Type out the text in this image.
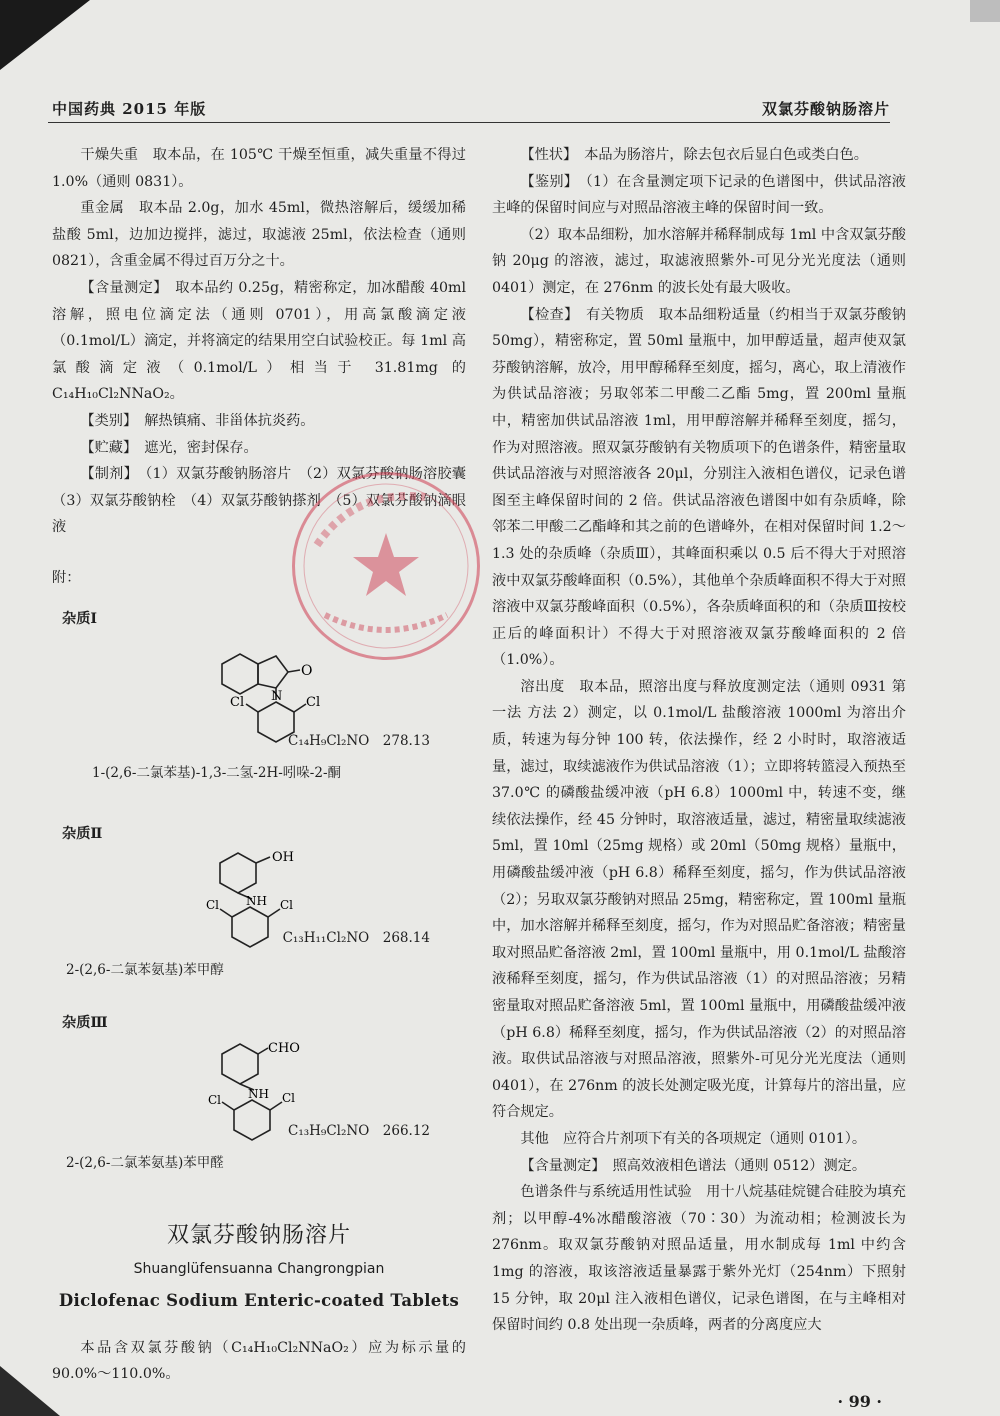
中国药典 2015 年版	双氯芬酸钠肠溶片

干燥失重　取本品，在 105℃ 干燥至恒重，减失重量不得过 1.0%（通则 0831）。

重金属　取本品 2.0g，加水 45ml，微热溶解后，缓缓加稀盐酸 5ml，边加边搅拌，滤过，取滤液 25ml，依法检查（通则 0821），含重金属不得过百万分之十。

【含量测定】　取本品约 0.25g，精密称定，加冰醋酸 40ml 溶解，照电位滴定法（通则 0701），用高氯酸滴定液（0.1mol/L）滴定，并将滴定的结果用空白试验校正。每 1ml 高氯酸滴定液（0.1mol/L）相当于 31.81mg 的 C₁₄H₁₀Cl₂NNaO₂。

【类别】　解热镇痛、非甾体抗炎药。

【贮藏】　遮光，密封保存。

【制剂】　（1）双氯芬酸钠肠溶片　（2）双氯芬酸钠肠溶胶囊　（3）双氯芬酸钠栓　（4）双氯芬酸钠搽剂　（5）双氯芬酸钠滴眼液

附：

杂质Ⅰ
O
N Cl
Cl
C₁₄H₉Cl₂NO　278.13
1-(2,6-二氯苯基)-1,3-二氢-2H-吲哚-2-酮
杂质Ⅱ
OH
NH Cl
Cl
C₁₃H₁₁Cl₂NO　268.14
2-(2,6-二氯苯氨基)苯甲醇
杂质Ⅲ
CHO
NH Cl
Cl
C₁₃H₉Cl₂NO　266.12
2-(2,6-二氯苯氨基)苯甲醛
双氯芬酸钠肠溶片
Shuanglüfensuanna Changrongpian
Diclofenac Sodium Enteric-coated Tablets

本品含双氯芬酸钠（C₁₄H₁₀Cl₂NNaO₂）应为标示量的 90.0%～110.0%。

【性状】　本品为肠溶片，除去包衣后显白色或类白色。

【鉴别】　（1）在含量测定项下记录的色谱图中，供试品溶液主峰的保留时间应与对照品溶液主峰的保留时间一致。

（2）取本品细粉，加水溶解并稀释制成每 1ml 中含双氯芬酸钠 20μg 的溶液，滤过，取滤液照紫外-可见分光光度法（通则 0401）测定，在 276nm 的波长处有最大吸收。

【检查】　有关物质　取本品细粉适量（约相当于双氯芬酸钠 50mg），精密称定，置 50ml 量瓶中，加甲醇适量，超声使双氯芬酸钠溶解，放冷，用甲醇稀释至刻度，摇匀，离心，取上清液作为供试品溶液；另取邻苯二甲酸二乙酯 5mg，置 200ml 量瓶中，精密加供试品溶液 1ml，用甲醇溶解并稀释至刻度，摇匀，作为对照溶液。照双氯芬酸钠有关物质项下的色谱条件，精密量取供试品溶液与对照溶液各 20μl，分别注入液相色谱仪，记录色谱图至主峰保留时间的 2 倍。供试品溶液色谱图中如有杂质峰，除邻苯二甲酸二乙酯峰和其之前的色谱峰外，在相对保留时间 1.2～1.3 处的杂质峰（杂质Ⅲ），其峰面积乘以 0.5 后不得大于对照溶液中双氯芬酸峰面积（0.5%），其他单个杂质峰面积不得大于对照溶液中双氯芬酸峰面积（0.5%），各杂质峰面积的和（杂质Ⅲ按校正后的峰面积计）不得大于对照溶液双氯芬酸峰面积的 2 倍（1.0%）。

溶出度　取本品，照溶出度与释放度测定法（通则 0931 第一法 方法 2）测定，以 0.1mol/L 盐酸溶液 1000ml 为溶出介质，转速为每分钟 100 转，依法操作，经 2 小时时，取溶液适量，滤过，取续滤液作为供试品溶液（1）；立即将转篮浸入预热至 37.0℃ 的磷酸盐缓冲液（pH 6.8）1000ml 中，转速不变，继续依法操作，经 45 分钟时，取溶液适量，滤过，精密量取续滤液 5ml，置 10ml（25mg 规格）或 20ml（50mg 规格）量瓶中，用磷酸盐缓冲液（pH 6.8）稀释至刻度，摇匀，作为供试品溶液（2）；另取双氯芬酸钠对照品 25mg，精密称定，置 100ml 量瓶中，加水溶解并稀释至刻度，摇匀，作为对照品贮备溶液；精密量取对照品贮备溶液 2ml，置 100ml 量瓶中，用 0.1mol/L 盐酸溶液稀释至刻度，摇匀，作为供试品溶液（1）的对照品溶液；另精密量取对照品贮备溶液 5ml，置 100ml 量瓶中，用磷酸盐缓冲液（pH 6.8）稀释至刻度，摇匀，作为供试品溶液（2）的对照品溶液。取供试品溶液与对照品溶液，照紫外-可见分光光度法（通则 0401），在 276nm 的波长处测定吸光度，计算每片的溶出量，应符合规定。

其他　应符合片剂项下有关的各项规定（通则 0101）。

【含量测定】　照高效液相色谱法（通则 0512）测定。

色谱条件与系统适用性试验　用十八烷基硅烷键合硅胶为填充剂；以甲醇-4%冰醋酸溶液（70∶30）为流动相；检测波长为 276nm。取双氯芬酸钠对照品适量，用水制成每 1ml 中约含 1mg 的溶液，取该溶液适量暴露于紫外光灯（254nm）下照射 15 分钟，取 20μl 注入液相色谱仪，记录色谱图，在与主峰相对保留时间约 0.8 处出现一杂质峰，两者的分离度应大

· 99 ·
